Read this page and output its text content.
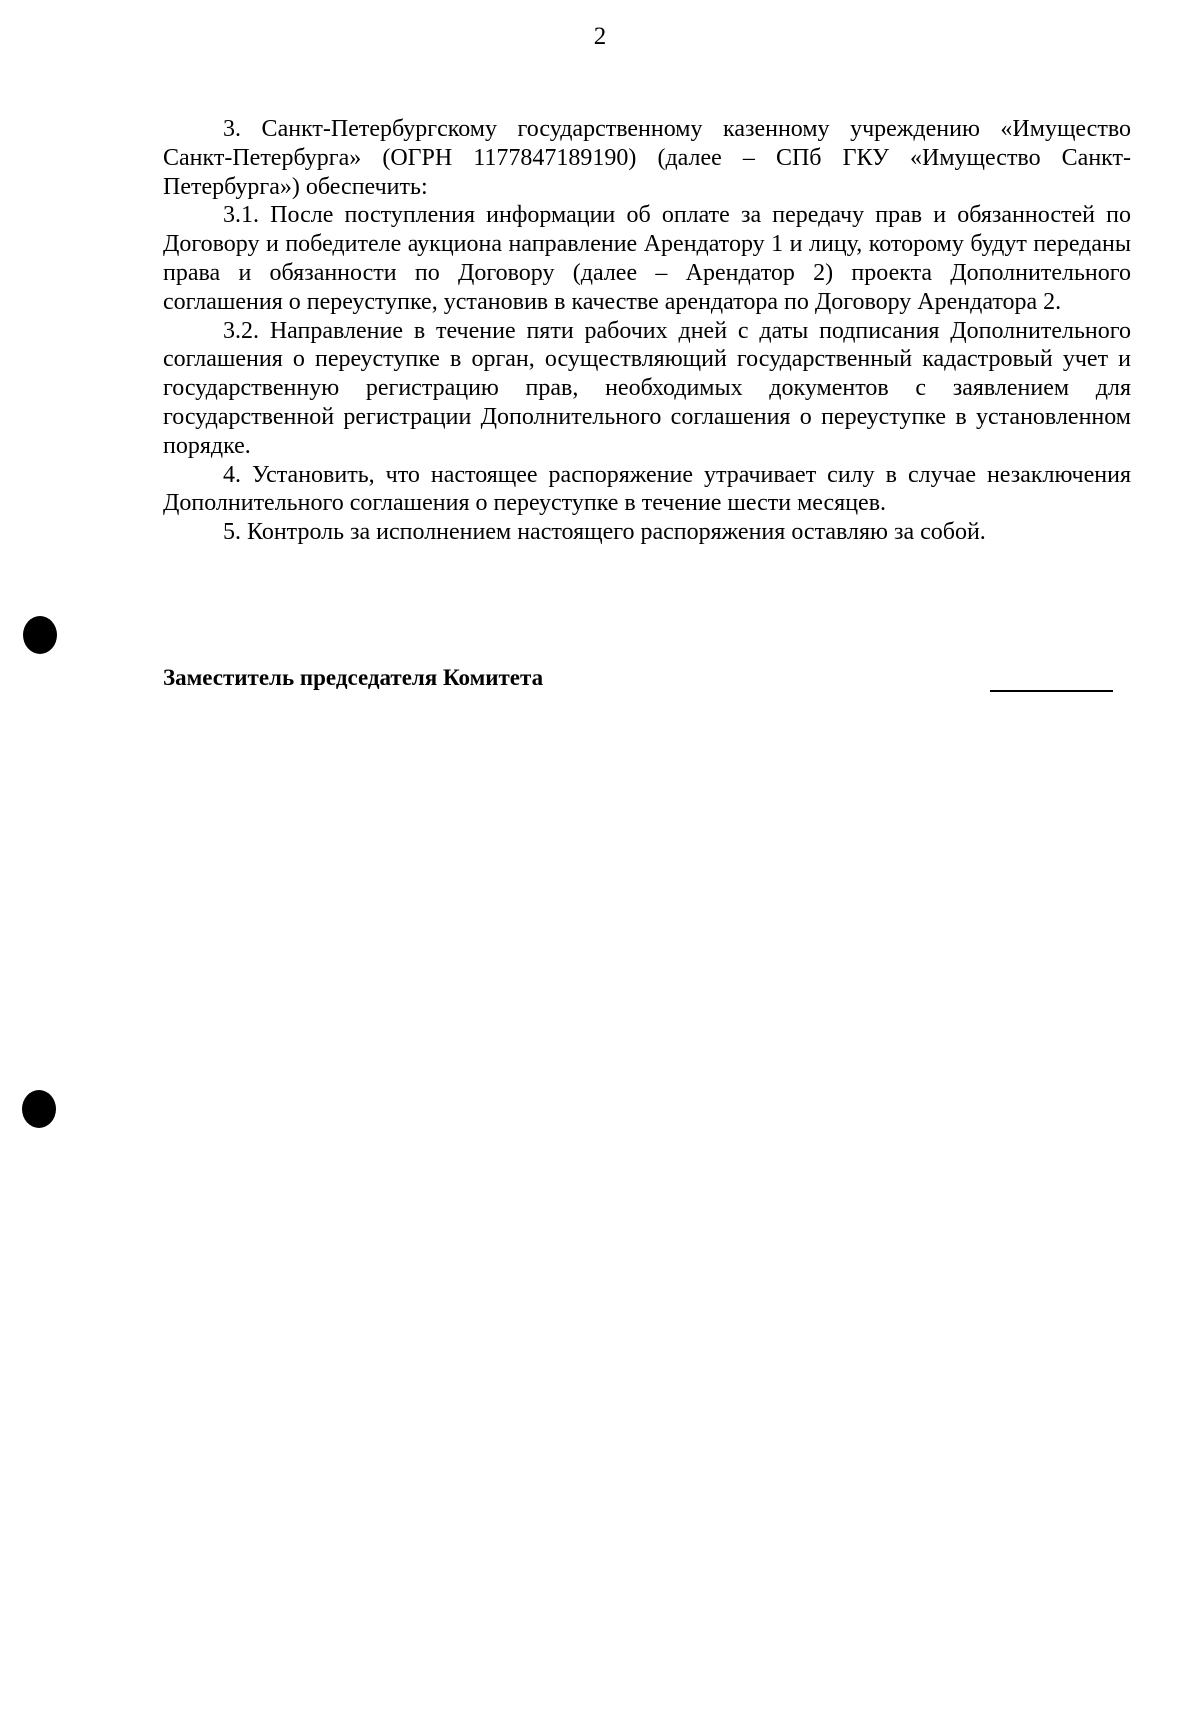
2

3. Санкт-Петербургскому государственному казенному учреждению «Имущество Санкт-Петербурга» (ОГРН 1177847189190) (далее – СПб ГКУ «Имущество Санкт-Петербурга») обеспечить:

3.1. После поступления информации об оплате за передачу прав и обязанностей по Договору и победителе аукциона направление Арендатору 1 и лицу, которому будут переданы права и обязанности по Договору (далее – Арендатор 2) проекта Дополнительного соглашения о переуступке, установив в качестве арендатора по Договору Арендатора 2.

3.2. Направление в течение пяти рабочих дней с даты подписания Дополнительного соглашения о переуступке в орган, осуществляющий государственный кадастровый учет и государственную регистрацию прав, необходимых документов с заявлением для государственной регистрации Дополнительного соглашения о переуступке в установленном порядке.

4. Установить, что настоящее распоряжение утрачивает силу в случае незаключения Дополнительного соглашения о переуступке в течение шести месяцев.

5. Контроль за исполнением настоящего распоряжения оставляю за собой.

Заместитель председателя Комитета
